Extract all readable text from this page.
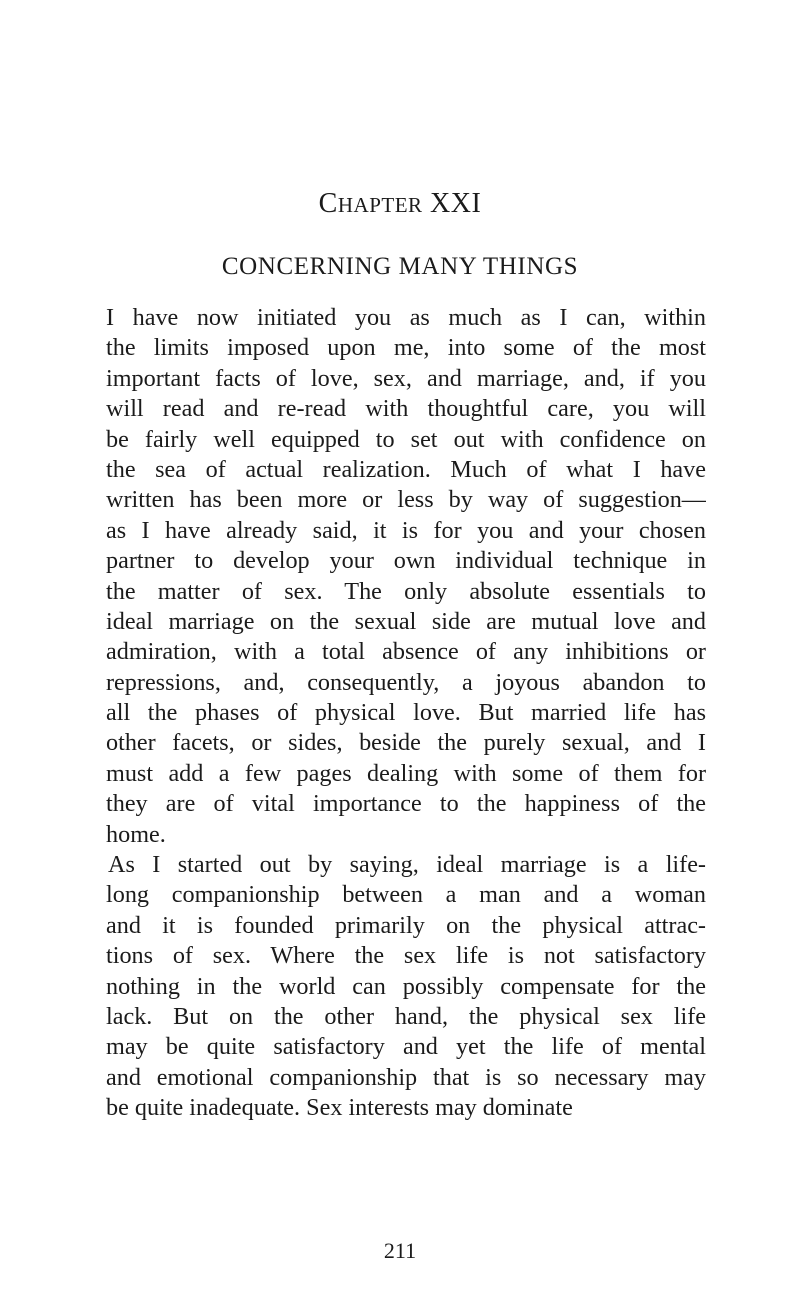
CHAPTER XXI
CONCERNING MANY THINGS
I have now initiated you as much as I can, within
the limits imposed upon me, into some of the most
important facts of love, sex, and marriage, and, if you
will read and re-read with thoughtful care, you will
be fairly well equipped to set out with confidence on
the sea of actual realization. Much of what I have
written has been more or less by way of suggestion—
as I have already said, it is for you and your chosen
partner to develop your own individual technique in
the matter of sex. The only absolute essentials to
ideal marriage on the sexual side are mutual love and
admiration, with a total absence of any inhibitions or
repressions, and, consequently, a joyous abandon to
all the phases of physical love. But married life has
other facets, or sides, beside the purely sexual, and I
must add a few pages dealing with some of them for
they are of vital importance to the happiness of the
home.
As I started out by saying, ideal marriage is a life-
long companionship between a man and a woman
and it is founded primarily on the physical attrac-
tions of sex. Where the sex life is not satisfactory
nothing in the world can possibly compensate for the
lack. But on the other hand, the physical sex life
may be quite satisfactory and yet the life of mental
and emotional companionship that is so necessary may
be quite inadequate. Sex interests may dominate
211
